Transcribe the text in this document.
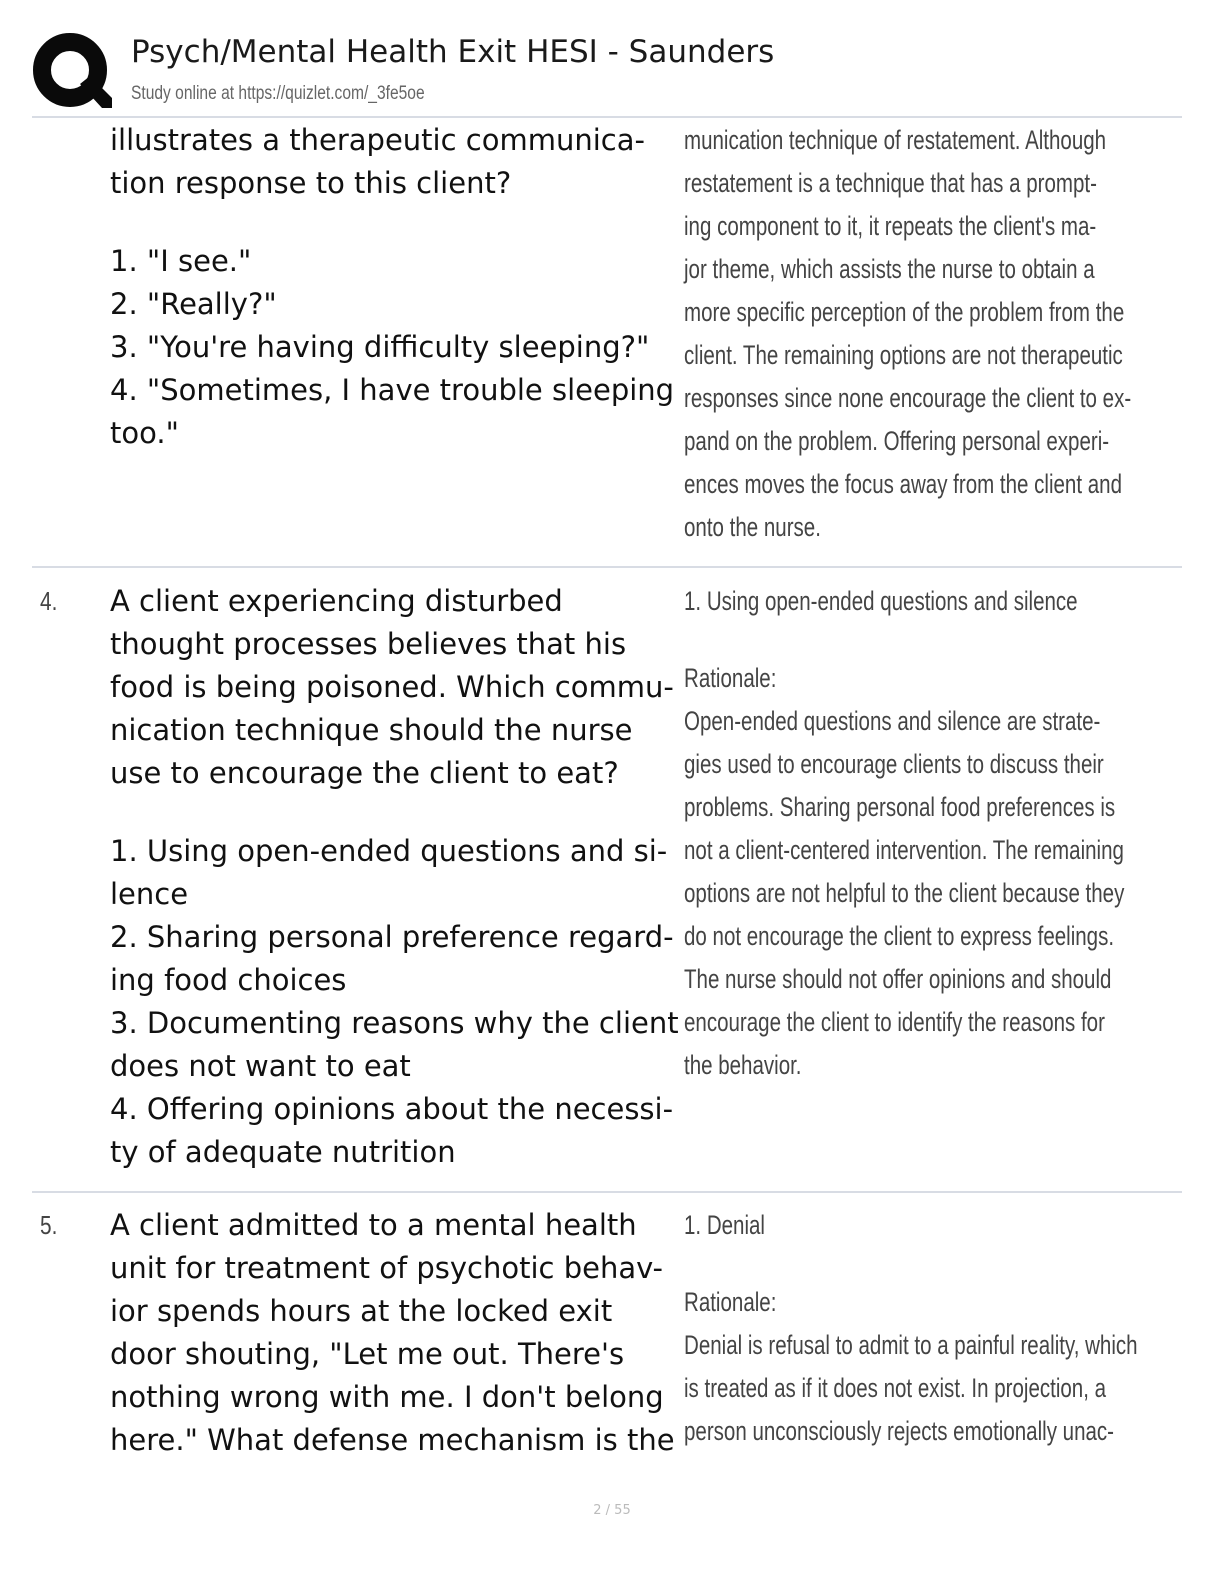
Psych/Mental Health Exit HESI - Saunders
Study online at https://quizlet.com/_3fe5oe
illustrates a therapeutic communica-
tion response to this client?
1. "I see."
2. "Really?"
3. "You're having difficulty sleeping?"
4. "Sometimes, I have trouble sleeping
too."
munication technique of restatement. Although
restatement is a technique that has a prompt-
ing component to it, it repeats the client's ma-
jor theme, which assists the nurse to obtain a
more specific perception of the problem from the
client. The remaining options are not therapeutic
responses since none encourage the client to ex-
pand on the problem. Offering personal experi-
ences moves the focus away from the client and
onto the nurse.
4. A client experiencing disturbed
thought processes believes that his
food is being poisoned. Which commu-
nication technique should the nurse
use to encourage the client to eat?
1. Using open-ended questions and si-
lence
2. Sharing personal preference regard-
ing food choices
3. Documenting reasons why the client
does not want to eat
4. Offering opinions about the necessi-
ty of adequate nutrition
1. Using open-ended questions and silence
Rationale:
Open-ended questions and silence are strate-
gies used to encourage clients to discuss their
problems. Sharing personal food preferences is
not a client-centered intervention. The remaining
options are not helpful to the client because they
do not encourage the client to express feelings.
The nurse should not offer opinions and should
encourage the client to identify the reasons for
the behavior.
5. A client admitted to a mental health
unit for treatment of psychotic behav-
ior spends hours at the locked exit
door shouting, "Let me out. There's
nothing wrong with me. I don't belong
here." What defense mechanism is the
1. Denial
Rationale:
Denial is refusal to admit to a painful reality, which
is treated as if it does not exist. In projection, a
person unconsciously rejects emotionally unac-
2 / 55
